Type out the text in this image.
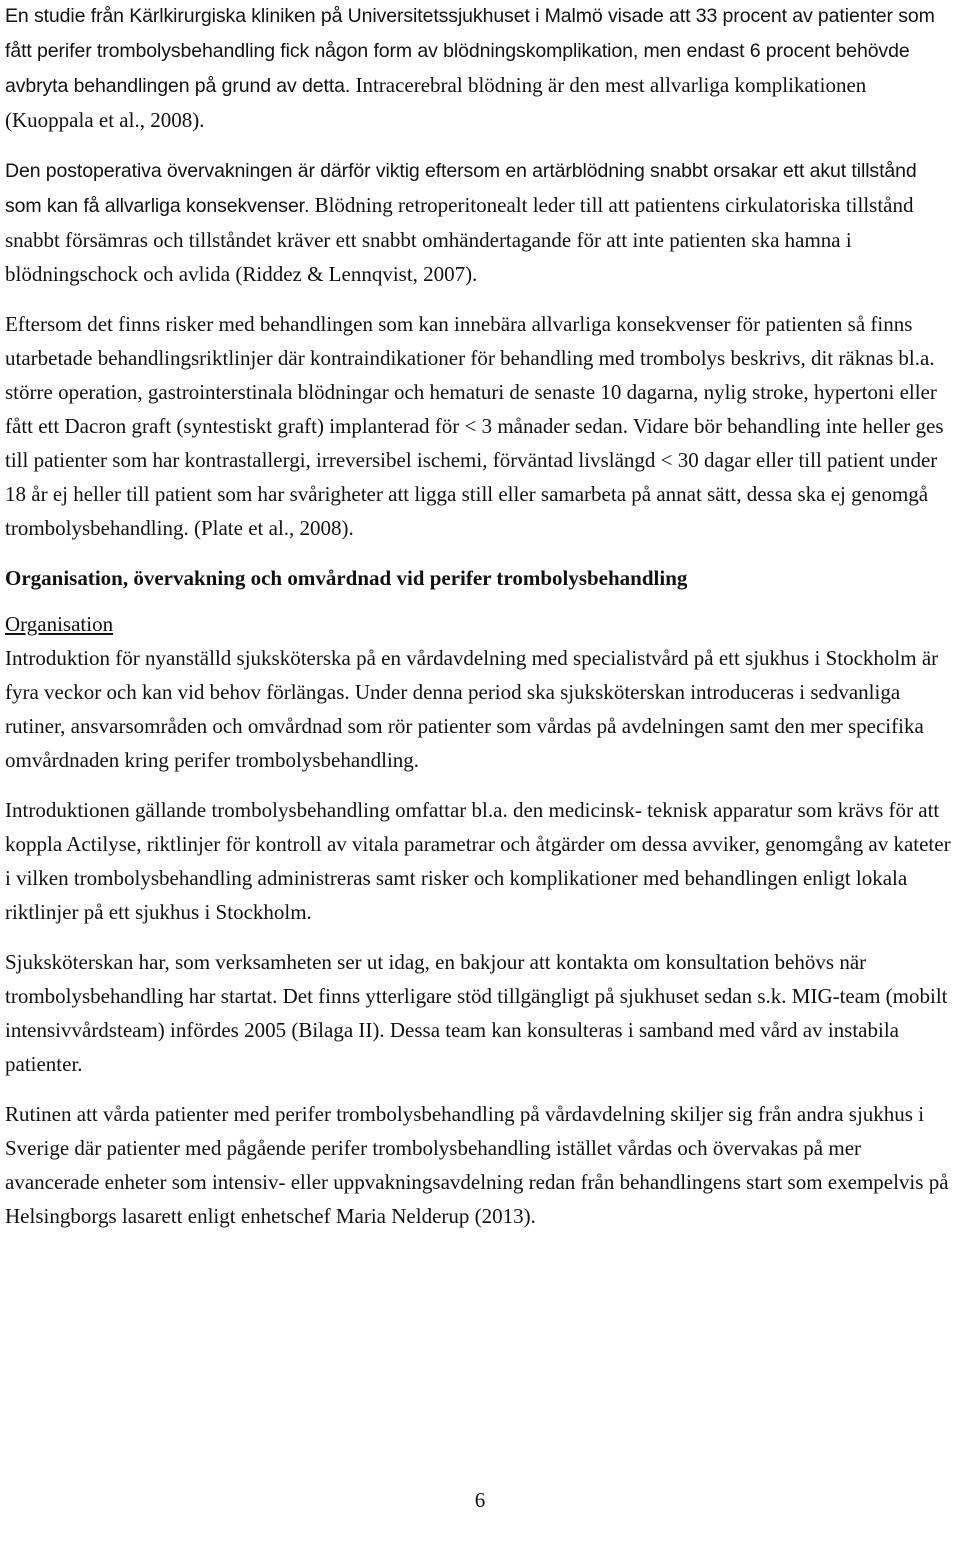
En studie från Kärlkirurgiska kliniken på Universitetssjukhuset i Malmö visade att 33 procent av patienter som fått perifer trombolysbehandling fick någon form av blödningskomplikation, men endast 6 procent behövde avbryta behandlingen på grund av detta. Intracerebral blödning är den mest allvarliga komplikationen (Kuoppala et al., 2008).

Den postoperativa övervakningen är därför viktig eftersom en artärblödning snabbt orsakar ett akut tillstånd som kan få allvarliga konsekvenser. Blödning retroperitonealt leder till att patientens cirkulatoriska tillstånd snabbt försämras och tillståndet kräver ett snabbt omhändertagande för att inte patienten ska hamna i blödningschock och avlida (Riddez & Lennqvist, 2007).

Eftersom det finns risker med behandlingen som kan innebära allvarliga konsekvenser för patienten så finns utarbetade behandlingsriktlinjer där kontraindikationer för behandling med trombolys beskrivs, dit räknas bl.a. större operation, gastrointerstinala blödningar och hematuri de senaste 10 dagarna, nylig stroke, hypertoni eller fått ett Dacron graft (syntestiskt graft) implanterad för < 3 månader sedan. Vidare bör behandling inte heller ges till patienter som har kontrastallergi, irreversibel ischemi, förväntad livslängd < 30 dagar eller till patient under 18 år ej heller till patient som har svårigheter att ligga still eller samarbeta på annat sätt, dessa ska ej genomgå trombolysbehandling. (Plate et al., 2008).

Organisation, övervakning och omvårdnad vid perifer trombolysbehandling

Organisation
Introduktion för nyanställd sjuksköterska på en vårdavdelning med specialistvård på ett sjukhus i Stockholm är fyra veckor och kan vid behov förlängas. Under denna period ska sjuksköterskan introduceras i sedvanliga rutiner, ansvarsområden och omvårdnad som rör patienter som vårdas på avdelningen samt den mer specifika omvårdnaden kring perifer trombolysbehandling.

Introduktionen gällande trombolysbehandling omfattar bl.a. den medicinsk- teknisk apparatur som krävs för att koppla Actilyse, riktlinjer för kontroll av vitala parametrar och åtgärder om dessa avviker, genomgång av kateter i vilken trombolysbehandling administreras samt risker och komplikationer med behandlingen enligt lokala riktlinjer på ett sjukhus i Stockholm.

Sjuksköterskan har, som verksamheten ser ut idag, en bakjour att kontakta om konsultation behövs när trombolysbehandling har startat. Det finns ytterligare stöd tillgängligt på sjukhuset sedan s.k. MIG-team (mobilt intensivvårdsteam) infördes 2005 (Bilaga II). Dessa team kan konsulteras i samband med vård av instabila patienter.

Rutinen att vårda patienter med perifer trombolysbehandling på vårdavdelning skiljer sig från andra sjukhus i Sverige där patienter med pågående perifer trombolysbehandling istället vårdas och övervakas på mer avancerade enheter som intensiv- eller uppvakningsavdelning redan från behandlingens start som exempelvis på Helsingborgs lasarett enligt enhetschef Maria Nelderup (2013).

6
